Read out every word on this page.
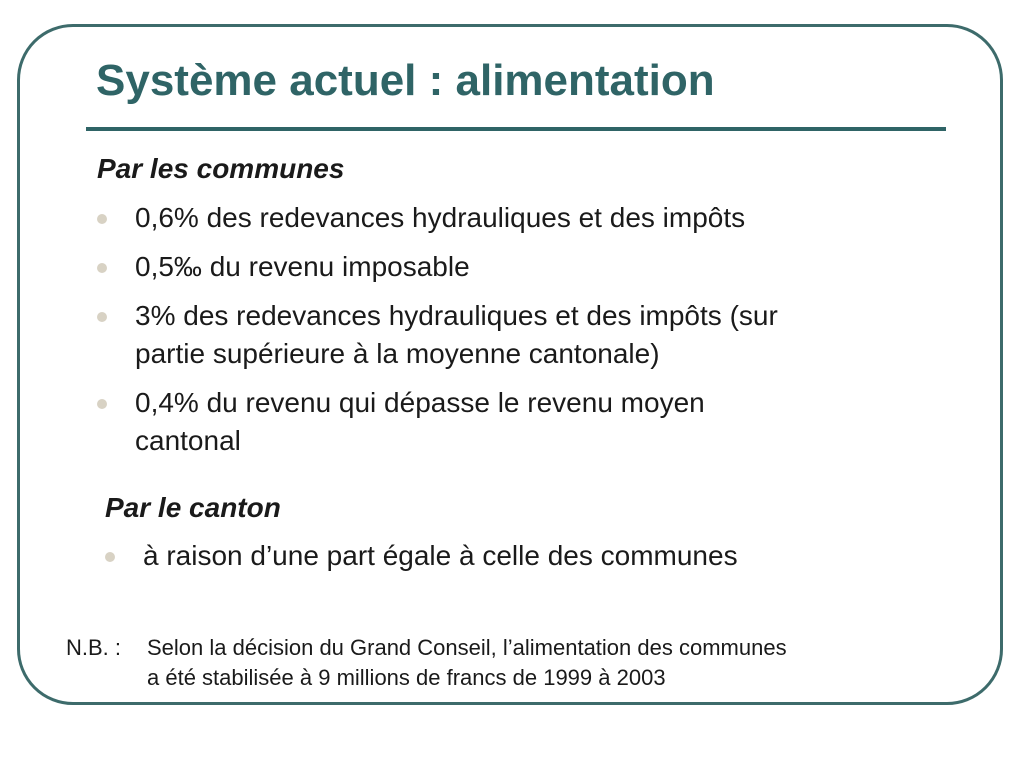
Système actuel : alimentation
Par les communes
0,6% des redevances hydrauliques et des impôts
0,5‰ du revenu imposable
3% des redevances hydrauliques et des impôts (sur
partie supérieure à la moyenne cantonale)
0,4% du revenu qui dépasse le revenu moyen
cantonal
Par le canton
à raison d’une part égale à celle des communes
N.B. : Selon la décision du Grand Conseil, l’alimentation des communes
a été stabilisée à 9 millions de francs de 1999 à 2003
